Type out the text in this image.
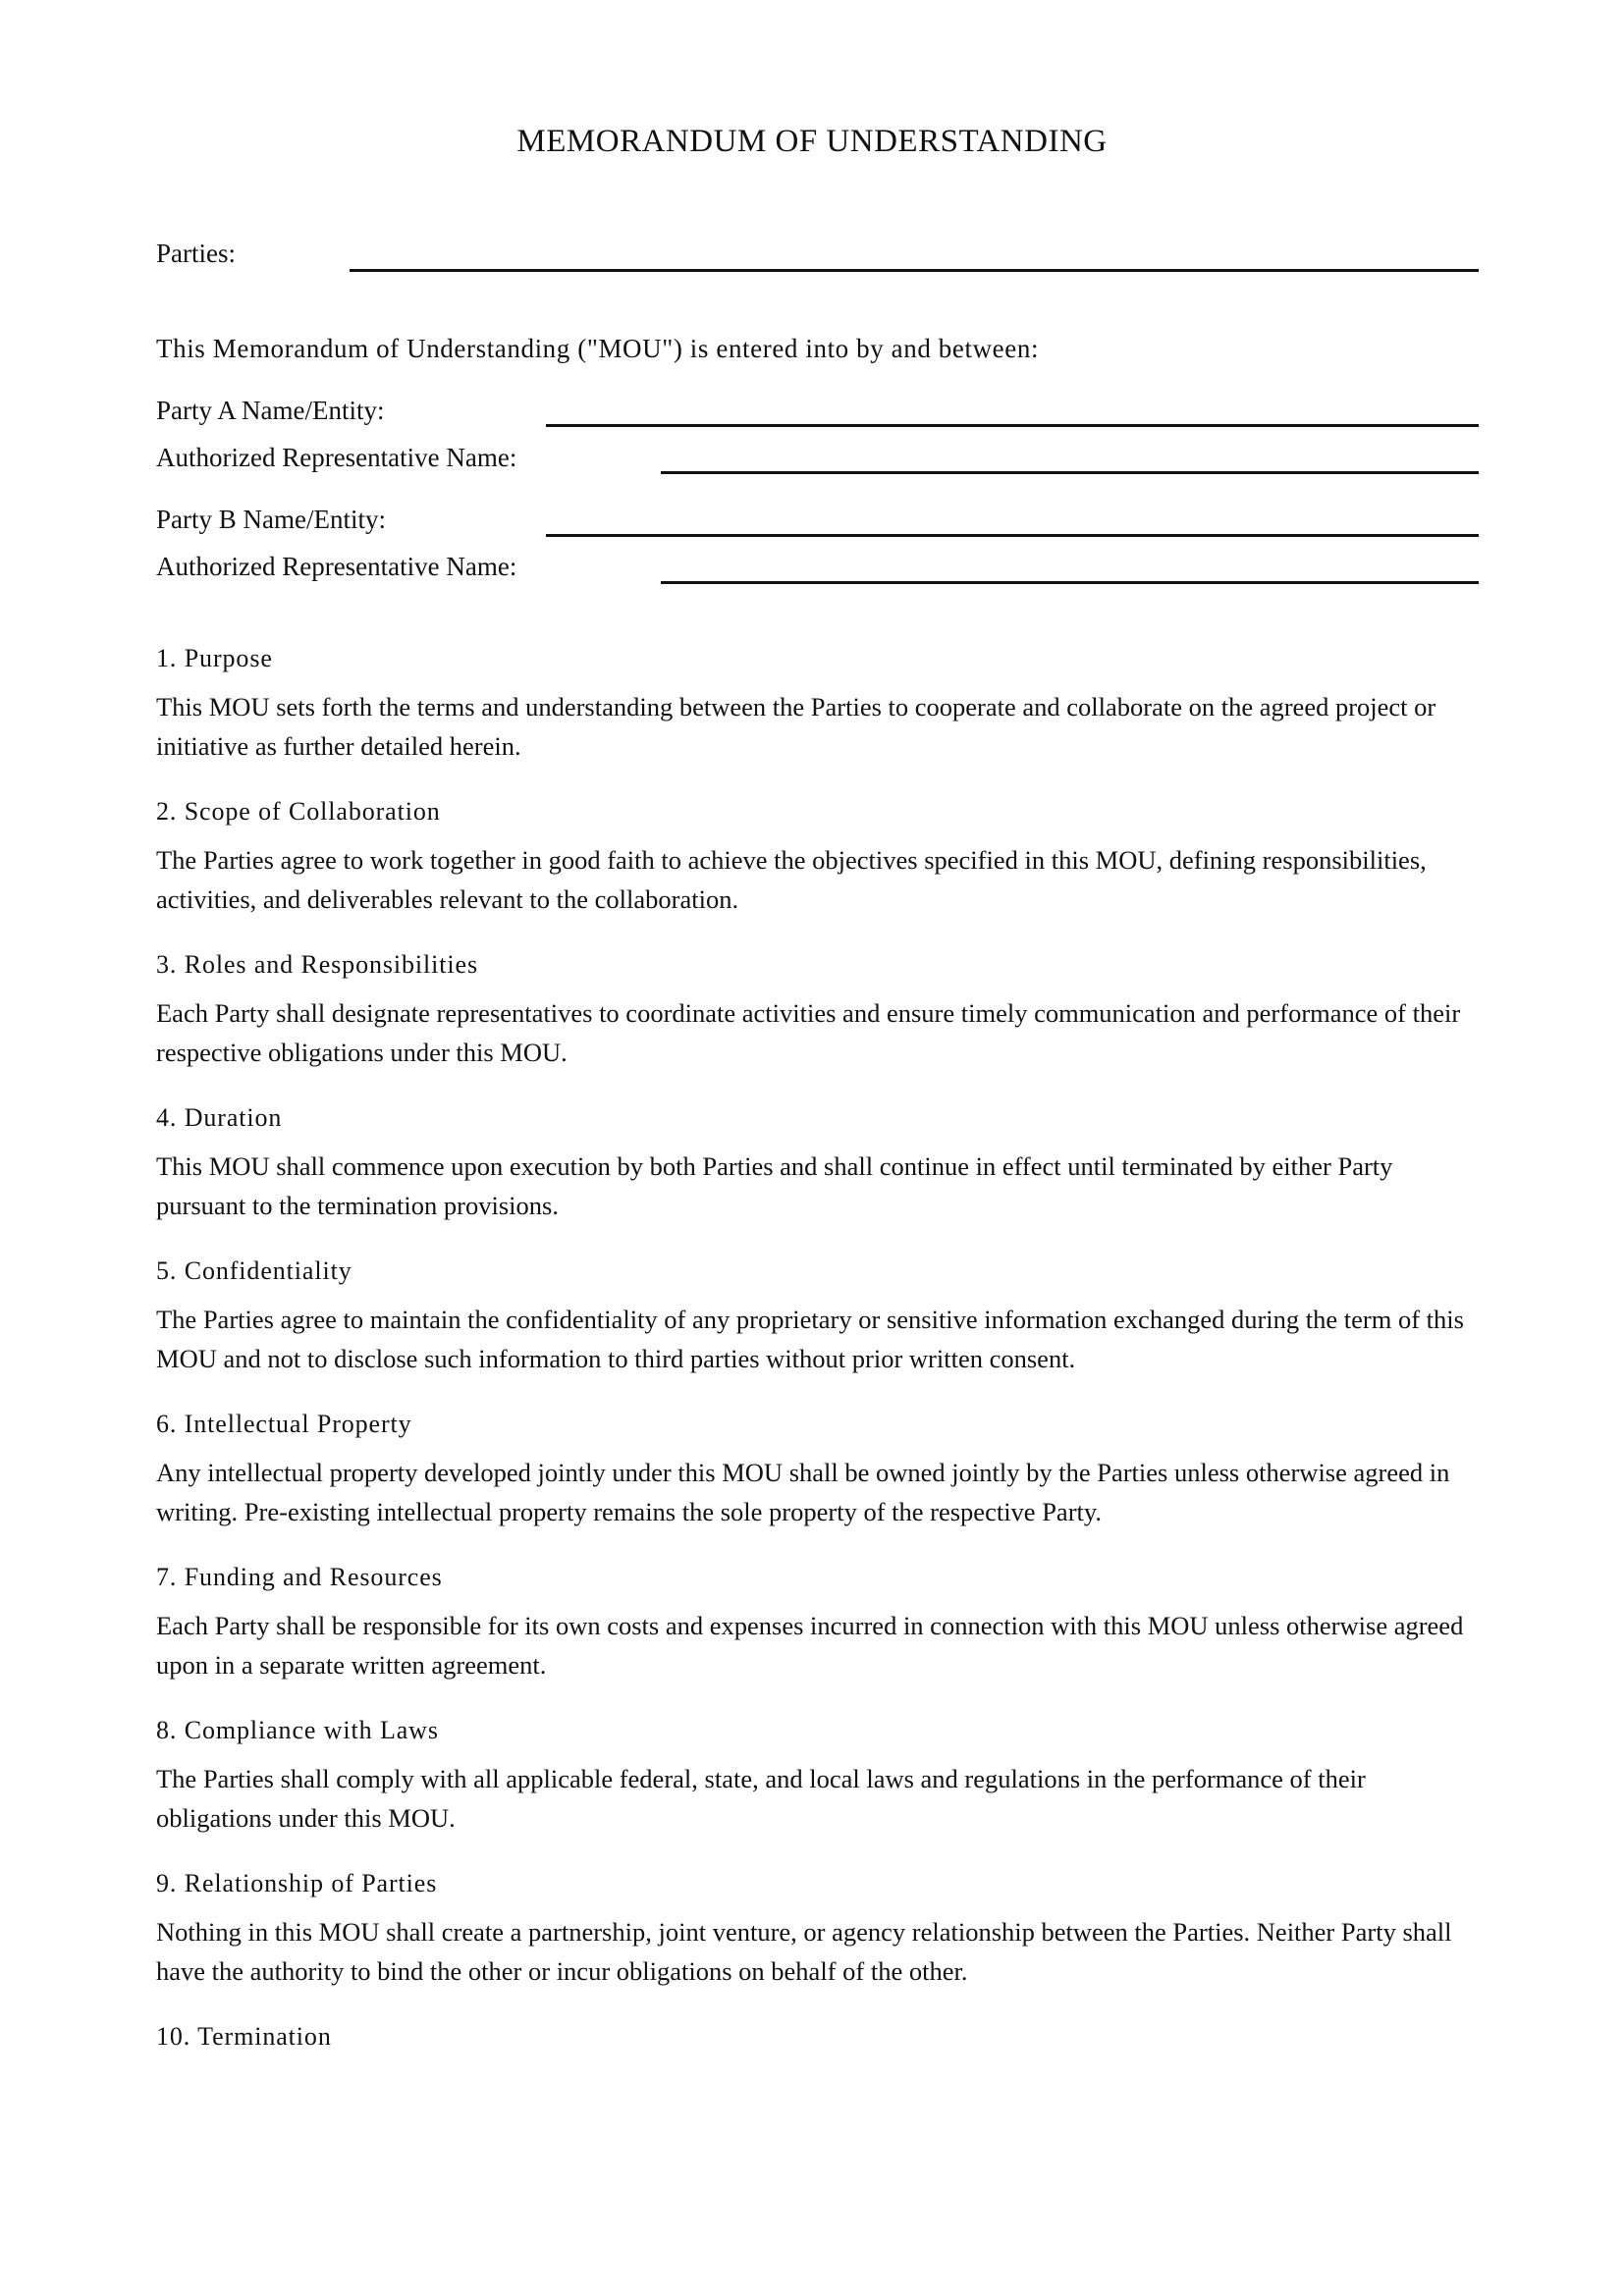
MEMORANDUM OF UNDERSTANDING
Parties:
This Memorandum of Understanding ("MOU") is entered into by and between:
Party A Name/Entity:
Authorized Representative Name:
Party B Name/Entity:
Authorized Representative Name:
1. Purpose

This MOU sets forth the terms and understanding between the Parties to cooperate and collaborate on the agreed project or initiative as further detailed herein.

2. Scope of Collaboration

The Parties agree to work together in good faith to achieve the objectives specified in this MOU, defining responsibilities, activities, and deliverables relevant to the collaboration.

3. Roles and Responsibilities

Each Party shall designate representatives to coordinate activities and ensure timely communication and performance of their respective obligations under this MOU.

4. Duration

This MOU shall commence upon execution by both Parties and shall continue in effect until terminated by either Party pursuant to the termination provisions.

5. Confidentiality

The Parties agree to maintain the confidentiality of any proprietary or sensitive information exchanged during the term of this MOU and not to disclose such information to third parties without prior written consent.

6. Intellectual Property

Any intellectual property developed jointly under this MOU shall be owned jointly by the Parties unless otherwise agreed in writing. Pre-existing intellectual property remains the sole property of the respective Party.

7. Funding and Resources

Each Party shall be responsible for its own costs and expenses incurred in connection with this MOU unless otherwise agreed upon in a separate written agreement.

8. Compliance with Laws

The Parties shall comply with all applicable federal, state, and local laws and regulations in the performance of their obligations under this MOU.

9. Relationship of Parties

Nothing in this MOU shall create a partnership, joint venture, or agency relationship between the Parties. Neither Party shall have the authority to bind the other or incur obligations on behalf of the other.

10. Termination
